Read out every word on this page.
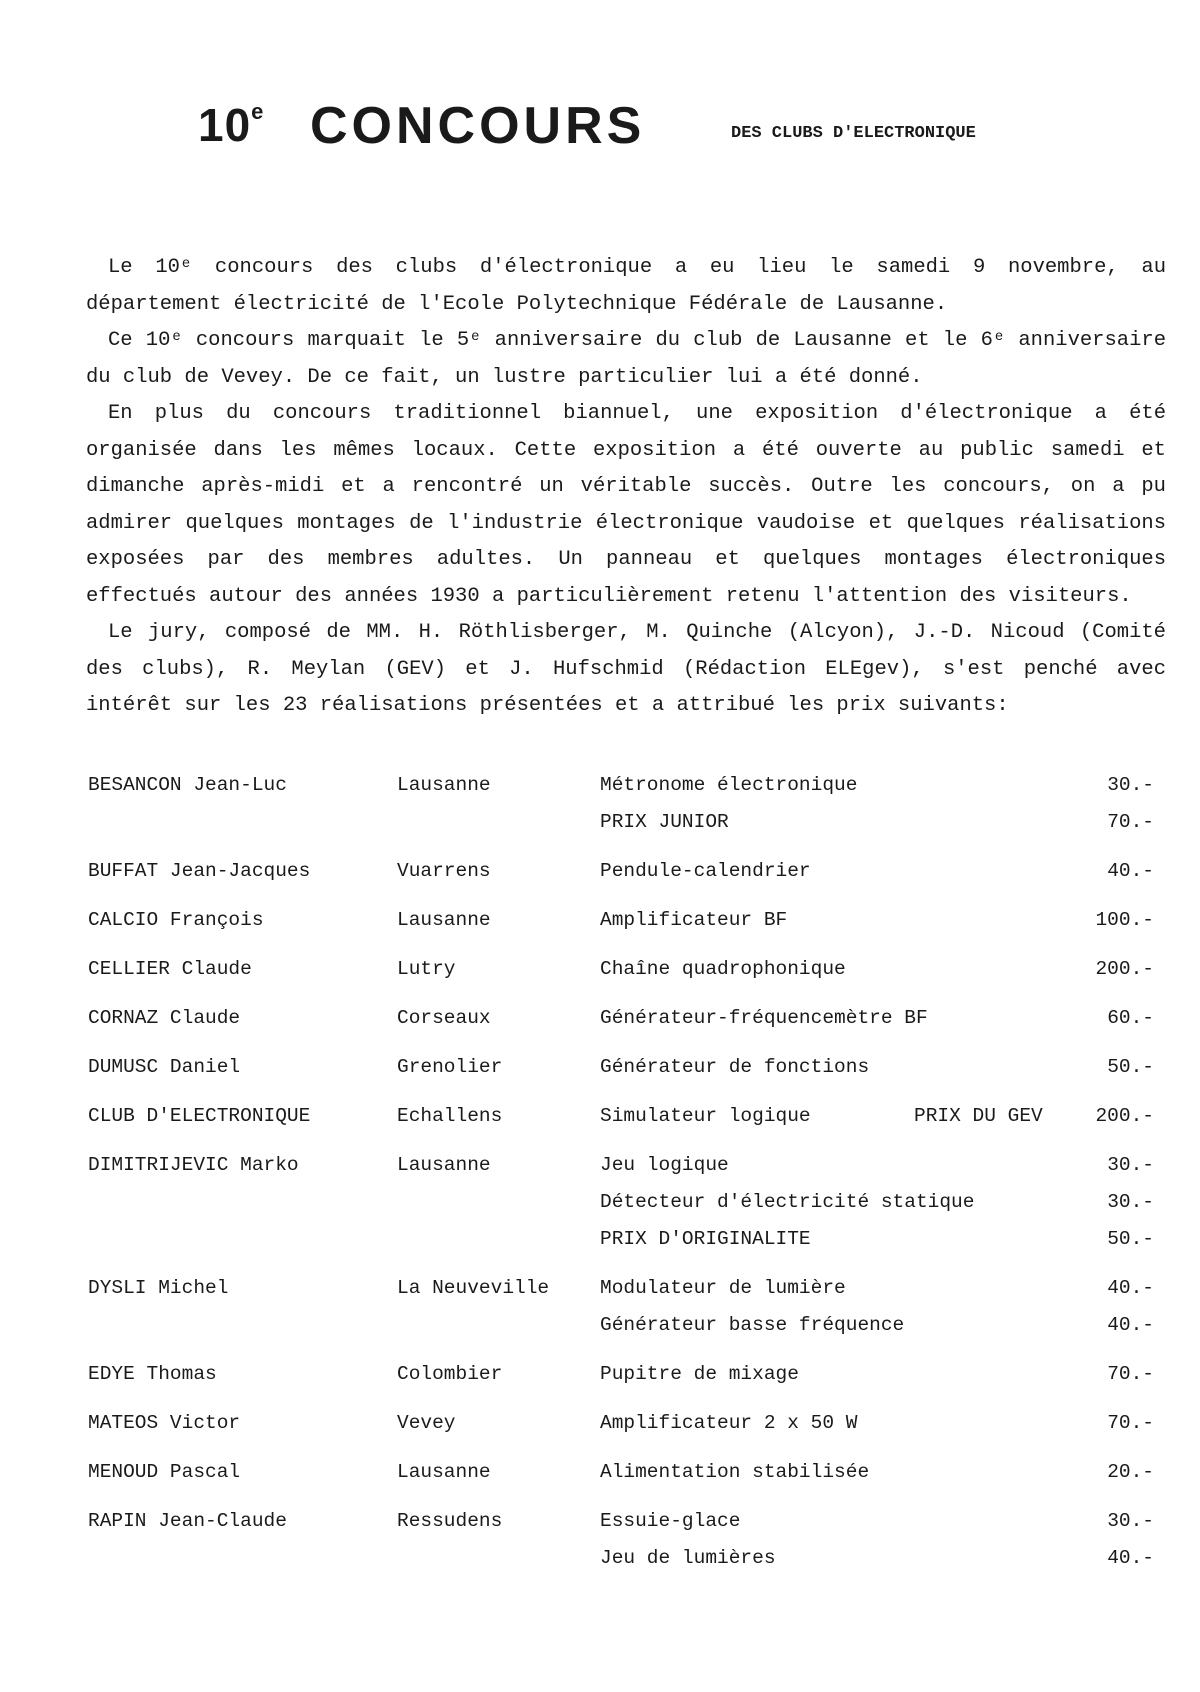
10e CONCOURS	DES CLUBS D'ELECTRONIQUE

Le 10ᵉ concours des clubs d'électronique a eu lieu le samedi 9 novembre, au département électricité de l'Ecole Polytechnique Fédérale de Lausanne.

Ce 10ᵉ concours marquait le 5ᵉ anniversaire du club de Lausanne et le 6ᵉ anniversaire du club de Vevey. De ce fait, un lustre particulier lui a été donné.

En plus du concours traditionnel biannuel, une exposition d'électronique a été organisée dans les mêmes locaux. Cette exposition a été ouverte au public samedi et dimanche après-midi et a rencontré un véritable succès. Outre les concours, on a pu admirer quelques montages de l'industrie électronique vaudoise et quelques réalisations exposées par des membres adultes. Un panneau et quelques montages électroniques effectués autour des années 1930 a particulièrement retenu l'attention des visiteurs.

Le jury, composé de MM. H. Röthlisberger, M. Quinche (Alcyon), J.-D. Nicoud (Comité des clubs), R. Meylan (GEV) et J. Hufschmid (Rédaction ELEgev), s'est penché avec intérêt sur les 23 réalisations présentées et a attribué les prix suivants:

BESANCON Jean-Luc	Lausanne	Métronome électronique	30.-
PRIX JUNIOR	70.-
BUFFAT Jean-Jacques	Vuarrens	Pendule-calendrier	40.-
CALCIO François	Lausanne	Amplificateur BF	100.-
CELLIER Claude	Lutry	Chaîne quadrophonique	200.-
CORNAZ Claude	Corseaux	Générateur-fréquencemètre BF	60.-
DUMUSC Daniel	Grenolier	Générateur de fonctions	50.-
CLUB D'ELECTRONIQUE	Echallens	Simulateur logique	PRIX DU GEV	200.-
DIMITRIJEVIC Marko	Lausanne	Jeu logique	30.-
Détecteur d'électricité statique	30.-
PRIX D'ORIGINALITE	50.-
DYSLI Michel	La Neuveville	Modulateur de lumière	40.-
Générateur basse fréquence	40.-
EDYE Thomas	Colombier	Pupitre de mixage	70.-
MATEOS Victor	Vevey	Amplificateur 2 x 50 W	70.-
MENOUD Pascal	Lausanne	Alimentation stabilisée	20.-
RAPIN Jean-Claude	Ressudens	Essuie-glace	30.-
Jeu de lumières	40.-
